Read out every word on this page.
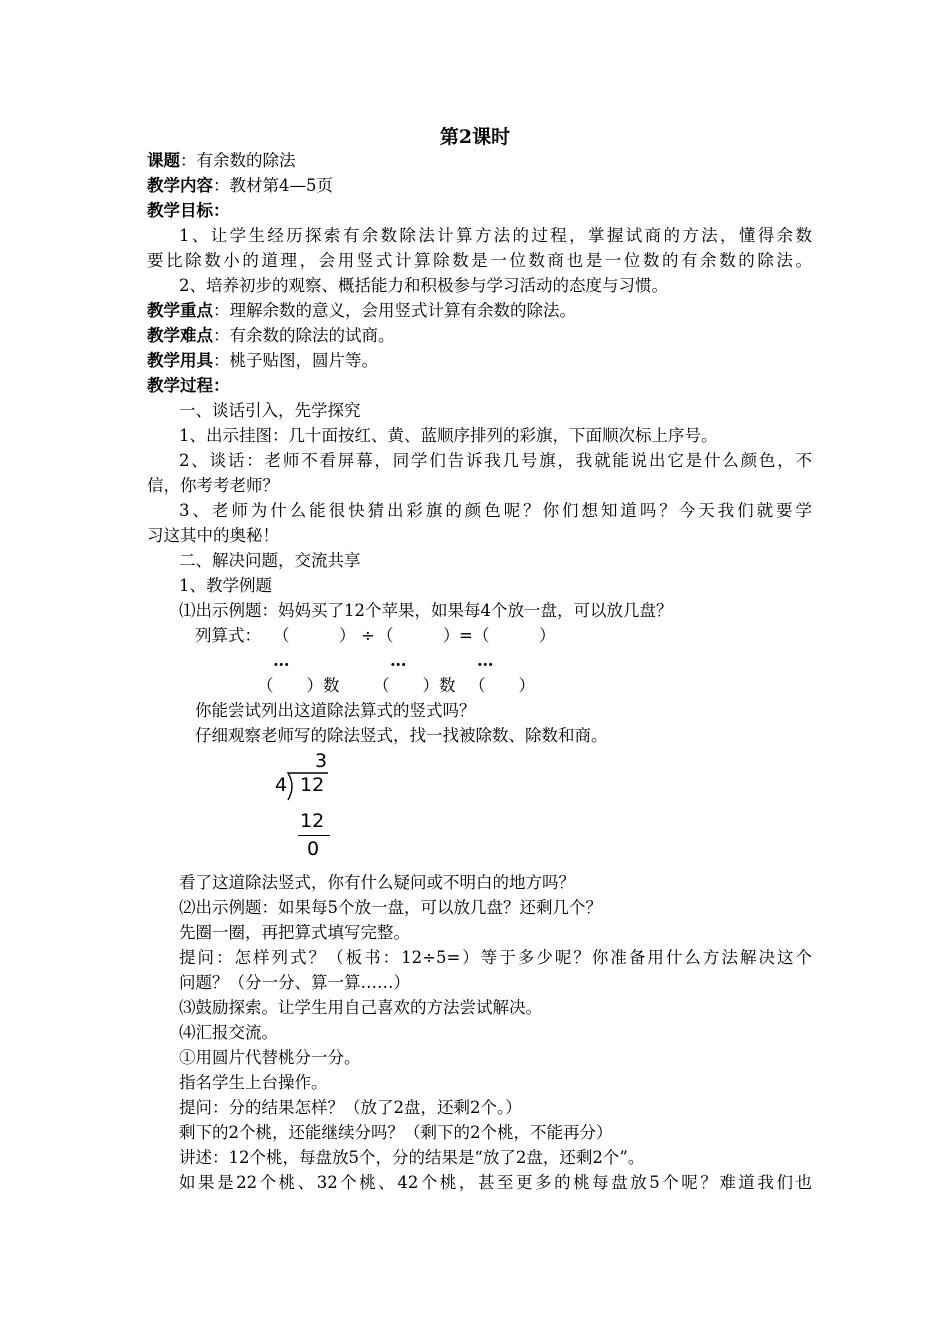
第2课时
课题：有余数的除法
教学内容：教材第4—5页
教学目标：
1、让学生经历探索有余数除法计算方法的过程，掌握试商的方法，懂得余数
要比除数小的道理，会用竖式计算除数是一位数商也是一位数的有余数的除法。
2、培养初步的观察、概括能力和积极参与学习活动的态度与习惯。
教学重点：理解余数的意义，会用竖式计算有余数的除法。
教学难点：有余数的除法的试商。
教学用具：桃子贴图，圆片等。
教学过程：
一、谈话引入，先学探究
1、出示挂图：几十面按红、黄、蓝顺序排列的彩旗，下面顺次标上序号。
2、谈话：老师不看屏幕，同学们告诉我几号旗，我就能说出它是什么颜色，不
信，你考考老师？
3、老师为什么能很快猜出彩旗的颜色呢？你们想知道吗？今天我们就要学
习这其中的奥秘！
二、解决问题，交流共享
1、教学例题
⑴出示例题：妈妈买了12个苹果，如果每4个放一盘，可以放几盘？
列算式： （　　　） ÷ （　　　） = （　　　）
…	…	…
（　　）数 （　　）数 （　　）
你能尝试列出这道除法算式的竖式吗？
仔细观察老师写的除法竖式，找一找被除数、除数和商。
看了这道除法竖式，你有什么疑问或不明白的地方吗？
⑵出示例题：如果每5个放一盘，可以放几盘？还剩几个？
先圈一圈，再把算式填写完整。
提问：怎样列式？（板书：12÷5=）等于多少呢？你准备用什么方法解决这个
问题？（分一分、算一算……）
⑶鼓励探索。让学生用自己喜欢的方法尝试解决。
⑷汇报交流。
①用圆片代替桃分一分。
指名学生上台操作。
提问：分的结果怎样？（放了2盘，还剩2个。）
剩下的2个桃，还能继续分吗？（剩下的2个桃，不能再分）
讲述：12个桃，每盘放5个，分的结果是“放了2盘，还剩2个”。
如果是22个桃、32个桃、42个桃，甚至更多的桃每盘放5个呢？难道我们也
3
4 12
12
0
